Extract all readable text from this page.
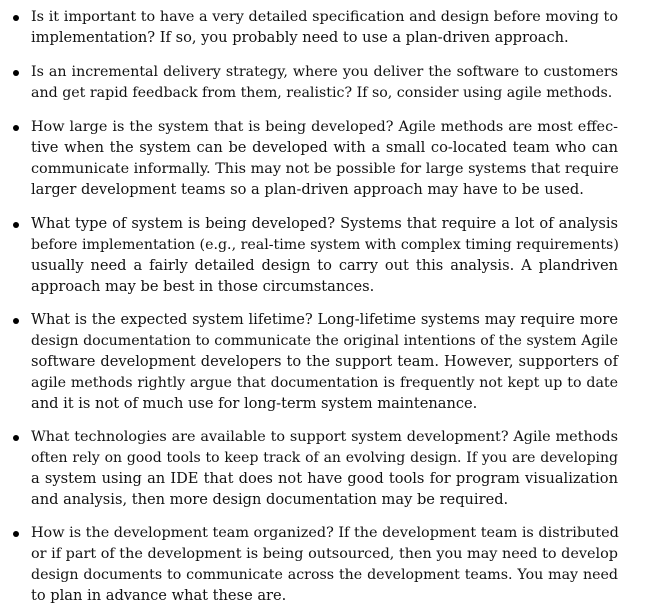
Is it important to have a very detailed specification and design before moving to
implementation? If so, you probably need to use a plan-driven approach.
Is an incremental delivery strategy, where you deliver the software to customers
and get rapid feedback from them, realistic? If so, consider using agile methods.
How large is the system that is being developed? Agile methods are most effec-
tive when the system can be developed with a small co-located team who can
communicate informally. This may not be possible for large systems that require
larger development teams so a plan-driven approach may have to be used.
What type of system is being developed? Systems that require a lot of analysis
before implementation (e.g., real-time system with complex timing requirements)
usually need a fairly detailed design to carry out this analysis. A plandriven
approach may be best in those circumstances.
What is the expected system lifetime? Long-lifetime systems may require more
design documentation to communicate the original intentions of the system Agile
software development developers to the support team. However, supporters of
agile methods rightly argue that documentation is frequently not kept up to date
and it is not of much use for long-term system maintenance.
What technologies are available to support system development? Agile methods
often rely on good tools to keep track of an evolving design. If you are developing
a system using an IDE that does not have good tools for program visualization
and analysis, then more design documentation may be required.
How is the development team organized? If the development team is distributed
or if part of the development is being outsourced, then you may need to develop
design documents to communicate across the development teams. You may need
to plan in advance what these are.
